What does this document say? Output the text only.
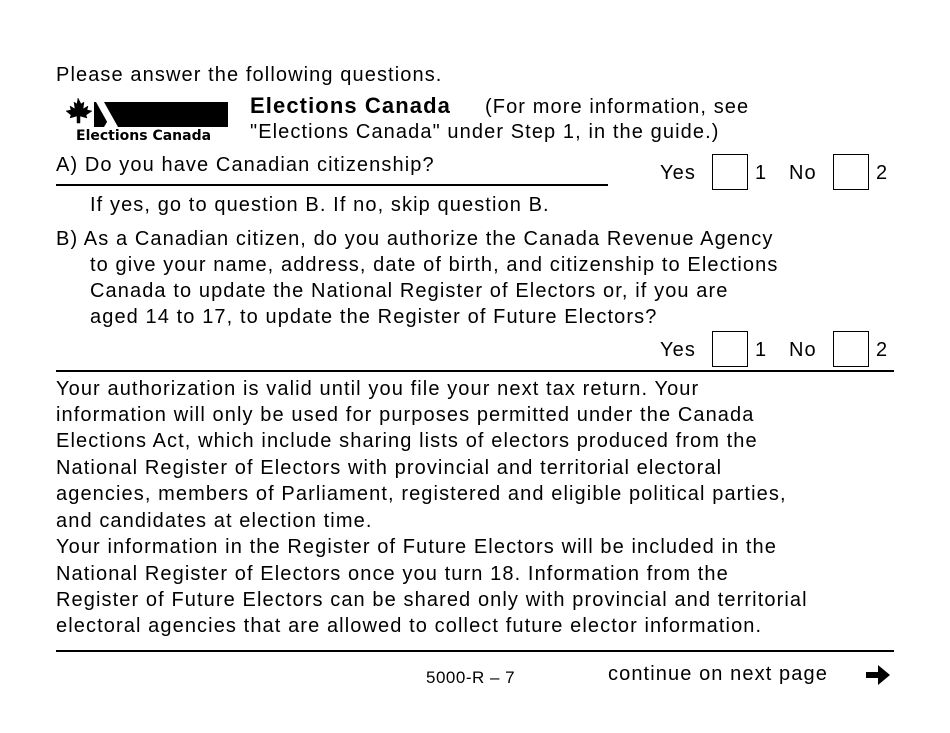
Please answer the following questions.
Elections Canada
Elections Canada (For more information, see
"Elections Canada" under Step 1, in the guide.)
A) Do you have Canadian citizenship?
If yes, go to question B. If no, skip question B.
Yes	1 No	2
B) As a Canadian citizen, do you authorize the Canada Revenue Agency
to give your name, address, date of birth, and citizenship to Elections
Canada to update the National Register of Electors or, if you are
aged 14 to 17, to update the Register of Future Electors?
Yes	1 No	2
Your authorization is valid until you file your next tax return. Your
information will only be used for purposes permitted under the Canada
Elections Act, which include sharing lists of electors produced from the
National Register of Electors with provincial and territorial electoral
agencies, members of Parliament, registered and eligible political parties,
and candidates at election time.
Your information in the Register of Future Electors will be included in the
National Register of Electors once you turn 18. Information from the
Register of Future Electors can be shared only with provincial and territorial
electoral agencies that are allowed to collect future elector information.
5000-R – 7	continue on next page
